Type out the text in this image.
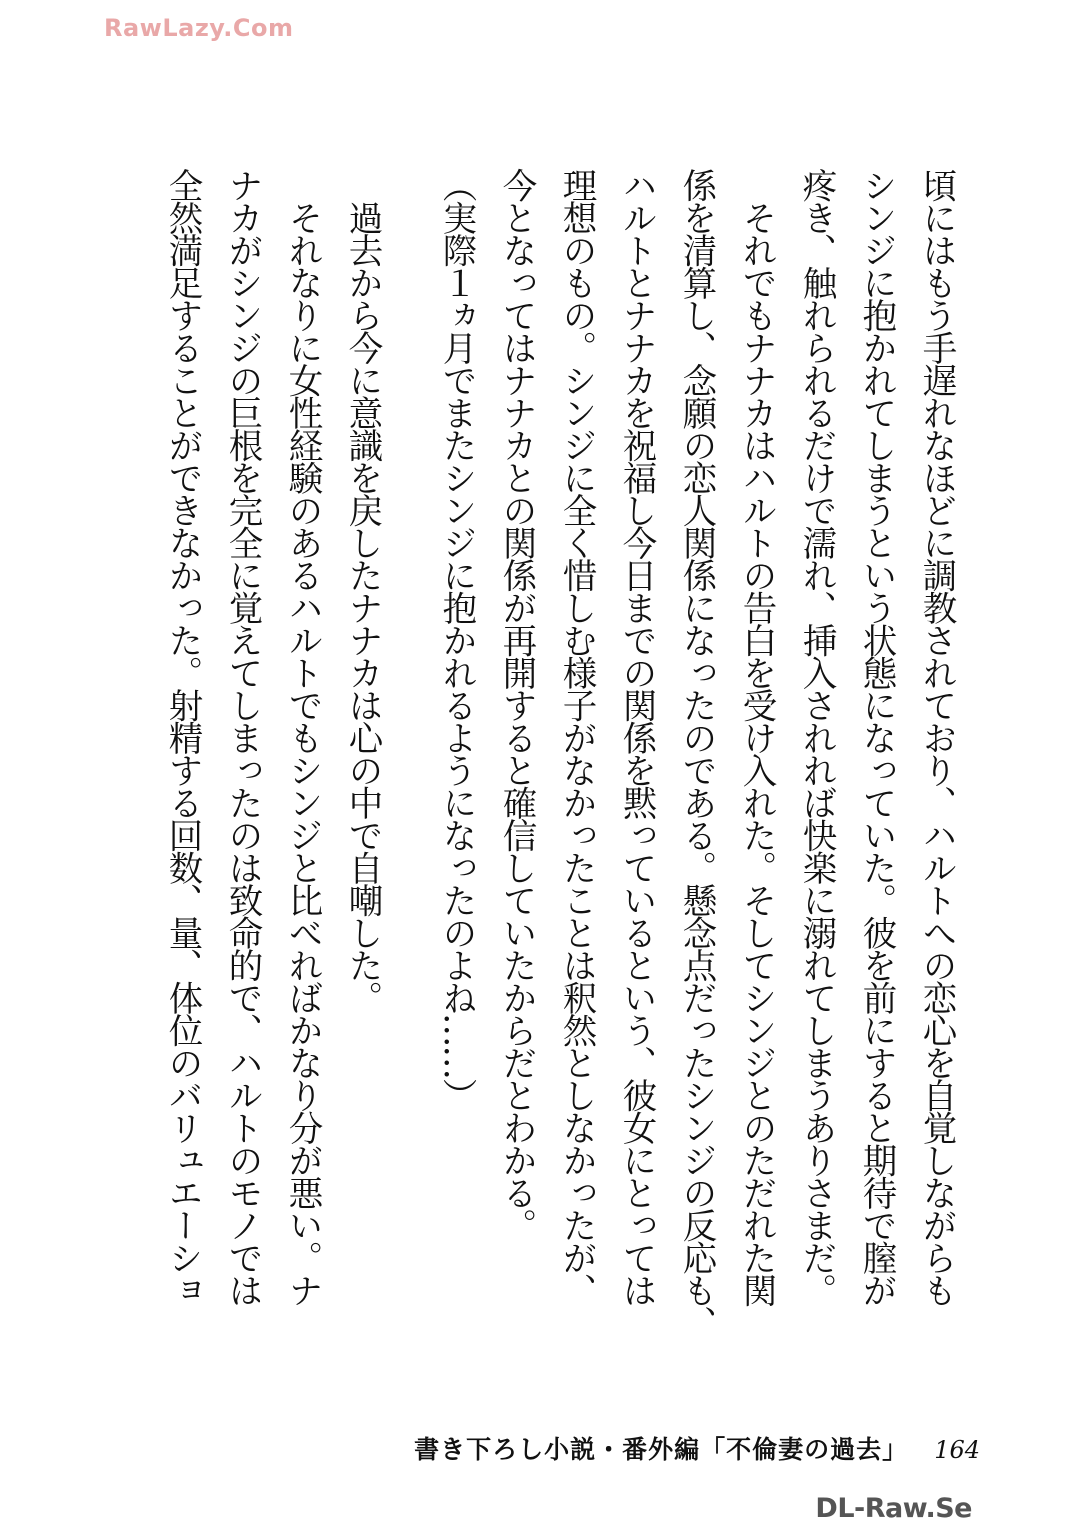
RawLazy.Com

頃にはもう手遅れなほどに調教されており、ハルトへの恋心を自覚しながらも

シンジに抱かれてしまうという状態になっていた。彼を前にすると期待で膣が

疼き、触れられるだけで濡れ、挿入されれば快楽に溺れてしまうありさまだ。

　それでもナナカはハルトの告白を受け入れた。そしてシンジとのただれた関

係を清算し、念願の恋人関係になったのである。懸念点だったシンジの反応も、

ハルトとナナカを祝福し今日までの関係を黙っているという、彼女にとっては

理想のもの。シンジに全く惜しむ様子がなかったことは釈然としなかったが、

今となってはナナカとの関係が再開すると確信していたからだとわかる。

（実際１ヵ月でまたシンジに抱かれるようになったのよね……）

　過去から今に意識を戻したナナカは心の中で自嘲した。

　それなりに女性経験のあるハルトでもシンジと比べればかなり分が悪い。ナ

ナカがシンジの巨根を完全に覚えてしまったのは致命的で、ハルトのモノでは

全然満足することができなかった。射精する回数、量、体位のバリュエーショ

書き下ろし小説・番外編「不倫妻の過去」 164
DL-Raw.Se
